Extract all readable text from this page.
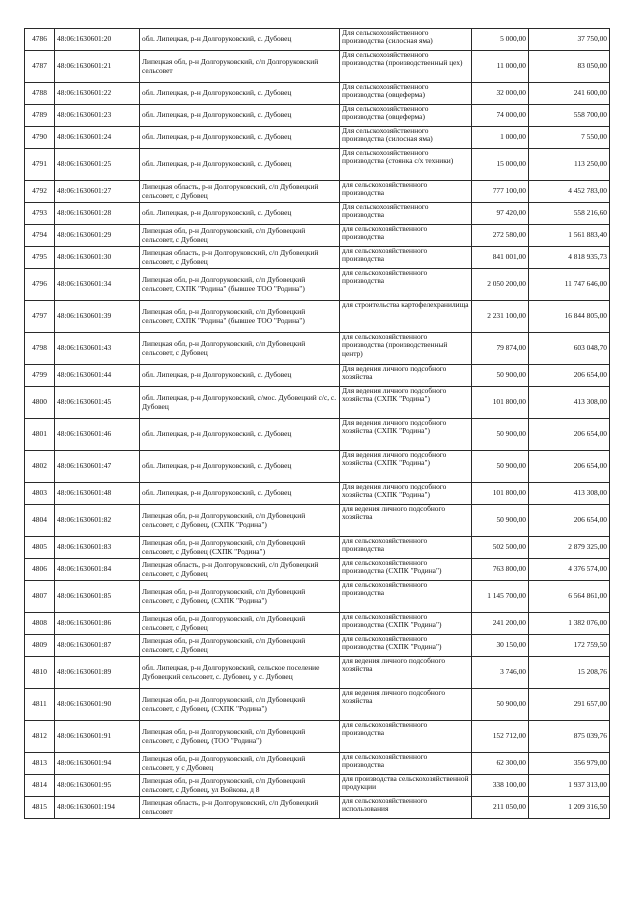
4786	48:06:1630601:20	обл. Липецкая, р-н Долгоруковский, с. Дубовец	Для сельскохозяйственного производства (силосная яма)	5 000,00	37 750,00
4787	48:06:1630601:21	Липецкая обл, р-н Долгоруковский, с/п Долгоруковский сельсовет	Для сельскохозяйственного производства (производственный цех)	11 000,00	83 050,00
4788	48:06:1630601:22	обл. Липецкая, р-н Долгоруковский, с. Дубовец	Для сельскохозяйственного производства (овцеферма)	32 000,00	241 600,00
4789	48:06:1630601:23	обл. Липецкая, р-н Долгоруковский, с. Дубовец	Для сельскохозяйственного производства (овцеферма)	74 000,00	558 700,00
4790	48:06:1630601:24	обл. Липецкая, р-н Долгоруковский, с. Дубовец	Для сельскохозяйственного производства (силосная яма)	1 000,00	7 550,00
4791	48:06:1630601:25	обл. Липецкая, р-н Долгоруковский, с. Дубовец	Для сельскохозяйственного производства (стоянка с/х техники)	15 000,00	113 250,00
4792	48:06:1630601:27	Липецкая область, р-н Долгоруковский, с/п Дубовецкий сельсовет, с Дубовец	для сельскохозяйственного производства	777 100,00	4 452 783,00
4793	48:06:1630601:28	обл. Липецкая, р-н Долгоруковский, с. Дубовец	Для сельскохозяйственного производства	97 420,00	558 216,60
4794	48:06:1630601:29	Липецкая обл, р-н Долгоруковский, с/п Дубовецкий сельсовет, с Дубовец	для сельскохозяйственного производства	272 580,00	1 561 883,40
4795	48:06:1630601:30	Липецкая область, р-н Долгоруковский, с/п Дубовецкий сельсовет, с Дубовец	для сельскохозяйственного производства	841 001,00	4 818 935,73
4796	48:06:1630601:34	Липецкая обл, р-н Долгоруковский, с/п Дубовецкий сельсовет, СХПК "Родина" (бывшее ТОО "Родина")	для сельскохозяйственного производства	2 050 200,00	11 747 646,00
4797	48:06:1630601:39	Липецкая обл, р-н Долгоруковский, с/п Дубовецкий сельсовет, СХПК "Родина" (бывшее ТОО "Родина")	для строительства картофелехранилища	2 231 100,00	16 844 805,00
4798	48:06:1630601:43	Липецкая обл, р-н Долгоруковский, с/п Дубовецкий сельсовет, с Дубовец	для сельскохозяйственного производства (производственный центр)	79 874,00	603 048,70
4799	48:06:1630601:44	обл. Липецкая, р-н Долгоруковский, с. Дубовец	Для ведения личного подсобного хозяйства	50 900,00	206 654,00
4800	48:06:1630601:45	обл. Липецкая, р-н Долгоруковский, с/мос. Дубовецкий с/с, с. Дубовец	Для ведения личного подсобного хозяйства (СХПК "Родина")	101 800,00	413 308,00
4801	48:06:1630601:46	обл. Липецкая, р-н Долгоруковский, с. Дубовец	Для ведения личного подсобного хозяйства (СХПК "Родина")	50 900,00	206 654,00
4802	48:06:1630601:47	обл. Липецкая, р-н Долгоруковский, с. Дубовец	Для ведения личного подсобного хозяйства (СХПК "Родина")	50 900,00	206 654,00
4803	48:06:1630601:48	обл. Липецкая, р-н Долгоруковский, с. Дубовец	Для ведения личного подсобного хозяйства (СХПК "Родина")	101 800,00	413 308,00
4804	48:06:1630601:82	Липецкая обл, р-н Долгоруковский, с/п Дубовецкий сельсовет, с Дубовец, (СХПК "Родина")	для ведения личного подсобного хозяйства	50 900,00	206 654,00
4805	48:06:1630601:83	Липецкая обл, р-н Долгоруковский, с/п Дубовецкий сельсовет, с Дубовец (СХПК "Родина")	для сельскохозяйственного производства	502 500,00	2 879 325,00
4806	48:06:1630601:84	Липецкая область, р-н Долгоруковский, с/п Дубовецкий сельсовет, с Дубовец	для сельскохозяйственного производства (СХПК "Родина")	763 800,00	4 376 574,00
4807	48:06:1630601:85	Липецкая обл, р-н Долгоруковский, с/п Дубовецкий сельсовет, с Дубовец, (СХПК "Родина")	для сельскохозяйственного производства	1 145 700,00	6 564 861,00
4808	48:06:1630601:86	Липецкая обл, р-н Долгоруковский, с/п Дубовецкий сельсовет, с Дубовец	для сельскохозяйственного производства (СХПК "Родина")	241 200,00	1 382 076,00
4809	48:06:1630601:87	Липецкая обл, р-н Долгоруковский, с/п Дубовецкий сельсовет, с Дубовец	для сельскохозяйственного производства (СХПК "Родина")	30 150,00	172 759,50
4810	48:06:1630601:89	обл. Липецкая, р-н Долгоруковский, сельское поселение Дубовецкий сельсовет, с. Дубовец, у с. Дубовец	для ведения личного подсобного хозяйства	3 746,00	15 208,76
4811	48:06:1630601:90	Липецкая обл, р-н Долгоруковский, с/п Дубовецкий сельсовет, с Дубовец, (СХПК "Родина")	для ведения личного подсобного хозяйства	50 900,00	291 657,00
4812	48:06:1630601:91	Липецкая обл, р-н Долгоруковский, с/п Дубовецкий сельсовет, с Дубовец, (ТОО "Родина")	для сельскохозяйственного производства	152 712,00	875 039,76
4813	48:06:1630601:94	Липецкая обл, р-н Долгоруковский, с/п Дубовецкий сельсовет, у с Дубовец	для сельскохозяйственного производства	62 300,00	356 979,00
4814	48:06:1630601:95	Липецкая обл, р-н Долгоруковский, с/п Дубовецкий сельсовет, с Дубовец, ул Войкова, д 8	для производства сельскохозяйственной продукции	338 100,00	1 937 313,00
4815	48:06:1630601:194	Липецкая область, р-н Долгоруковский, с/п Дубовецкий сельсовет	для сельскохозяйственного использования	211 050,00	1 209 316,50
